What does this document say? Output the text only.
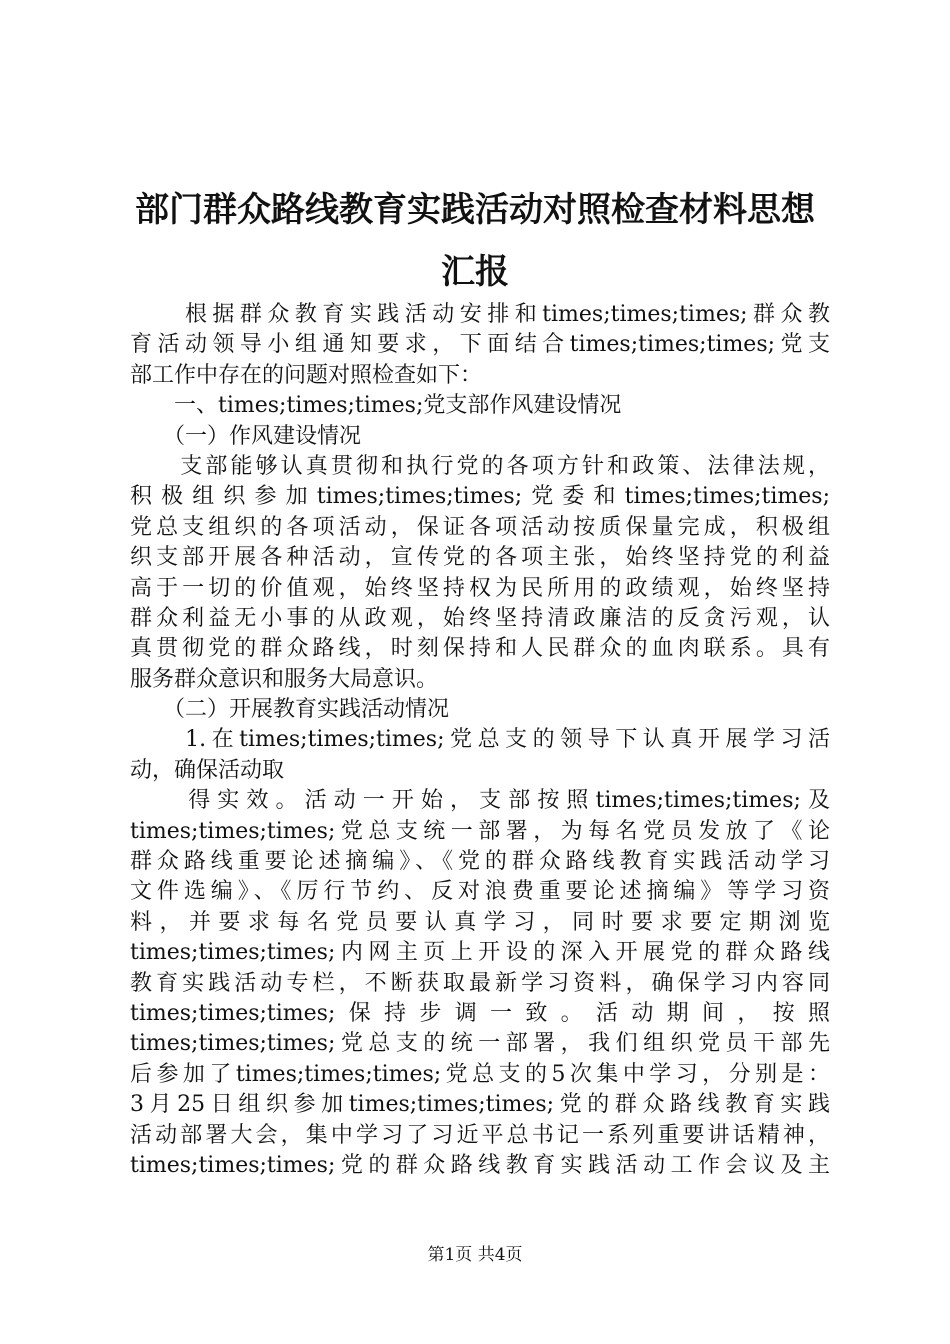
部门群众路线教育实践活动对照检查材料思想
汇报
　　根据群众教育实践活动安排和times;times;times;群众教
育活动领导小组通知要求，下面结合times;times;times;党支
部工作中存在的问题对照检查如下：
　　一、times;times;times;党支部作风建设情况
　　（一）作风建设情况
　　支部能够认真贯彻和执行党的各项方针和政策、法律法规，
积极组织参加times;times;times;党委和times;times;times;
党总支组织的各项活动，保证各项活动按质保量完成，积极组
织支部开展各种活动，宣传党的各项主张，始终坚持党的利益
高于一切的价值观，始终坚持权为民所用的政绩观，始终坚持
群众利益无小事的从政观，始终坚持清政廉洁的反贪污观，认
真贯彻党的群众路线，时刻保持和人民群众的血肉联系。具有
服务群众意识和服务大局意识。
　　（二）开展教育实践活动情况
　　1.在times;times;times;党总支的领导下认真开展学习活
动，确保活动取
　　得实效。活动一开始，支部按照times;times;times;及
times;times;times;党总支统一部署，为每名党员发放了《论
群众路线重要论述摘编》、《党的群众路线教育实践活动学习
文件选编》、《厉行节约、反对浪费重要论述摘编》等学习资
料，并要求每名党员要认真学习，同时要求要定期浏览
times;times;times;内网主页上开设的深入开展党的群众路线
教育实践活动专栏，不断获取最新学习资料，确保学习内容同
times;times;times;保持步调一致。活动期间，按照
times;times;times;党总支的统一部署，我们组织党员干部先
后参加了times;times;times;党总支的5次集中学习，分别是：
3月25日组织参加times;times;times;党的群众路线教育实践
活动部署大会，集中学习了习近平总书记一系列重要讲话精神，
times;times;times;党的群众路线教育实践活动工作会议及主
第1页 共4页
